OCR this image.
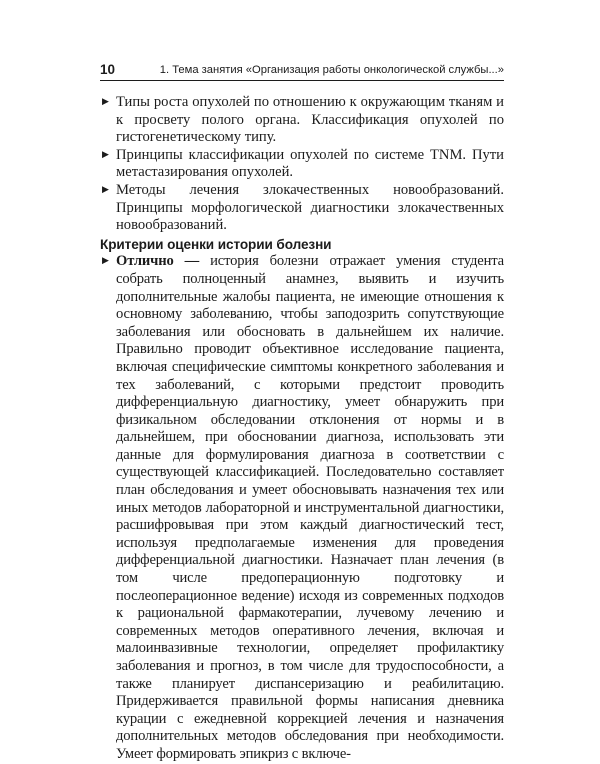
10	1. Тема занятия «Организация работы онкологической службы...»
▶ Типы роста опухолей по отношению к окружающим тканям и к просвету полого органа. Классификация опухолей по гистогенетическому типу.
▶ Принципы классификации опухолей по системе TNM. Пути метастазирования опухолей.
▶ Методы лечения злокачественных новообразований. Принципы морфологической диагностики злокачественных новообразований.
Критерии оценки истории болезни
▶ Отлично — история болезни отражает умения студента собрать полноценный анамнез, выявить и изучить дополнительные жалобы пациента, не имеющие отношения к основному заболеванию, чтобы заподозрить сопутствующие заболевания или обосновать в дальнейшем их наличие. Правильно проводит объективное исследование пациента, включая специфические симптомы конкретного заболевания и тех заболеваний, с которыми предстоит проводить дифференциальную диагностику, умеет обнаружить при физикальном обследовании отклонения от нормы и в дальнейшем, при обосновании диагноза, использовать эти данные для формулирования диагноза в соответствии с существующей классификацией. Последовательно составляет план обследования и умеет обосновывать назначения тех или иных методов лабораторной и инструментальной диагностики, расшифровывая при этом каждый диагностический тест, используя предполагаемые изменения для проведения дифференциальной диагностики. Назначает план лечения (в том числе предоперационную подготовку и послеоперационное ведение) исходя из современных подходов к рациональной фармакотерапии, лучевому лечению и современных методов оперативного лечения, включая и малоинвазивные технологии, определяет профилактику заболевания и прогноз, в том числе для трудоспособности, а также планирует диспансеризацию и реабилитацию. Придерживается правильной формы написания дневника курации с ежедневной коррекцией лечения и назначения дополнительных методов обследования при необходимости. Умеет формировать эпикриз с включе-
